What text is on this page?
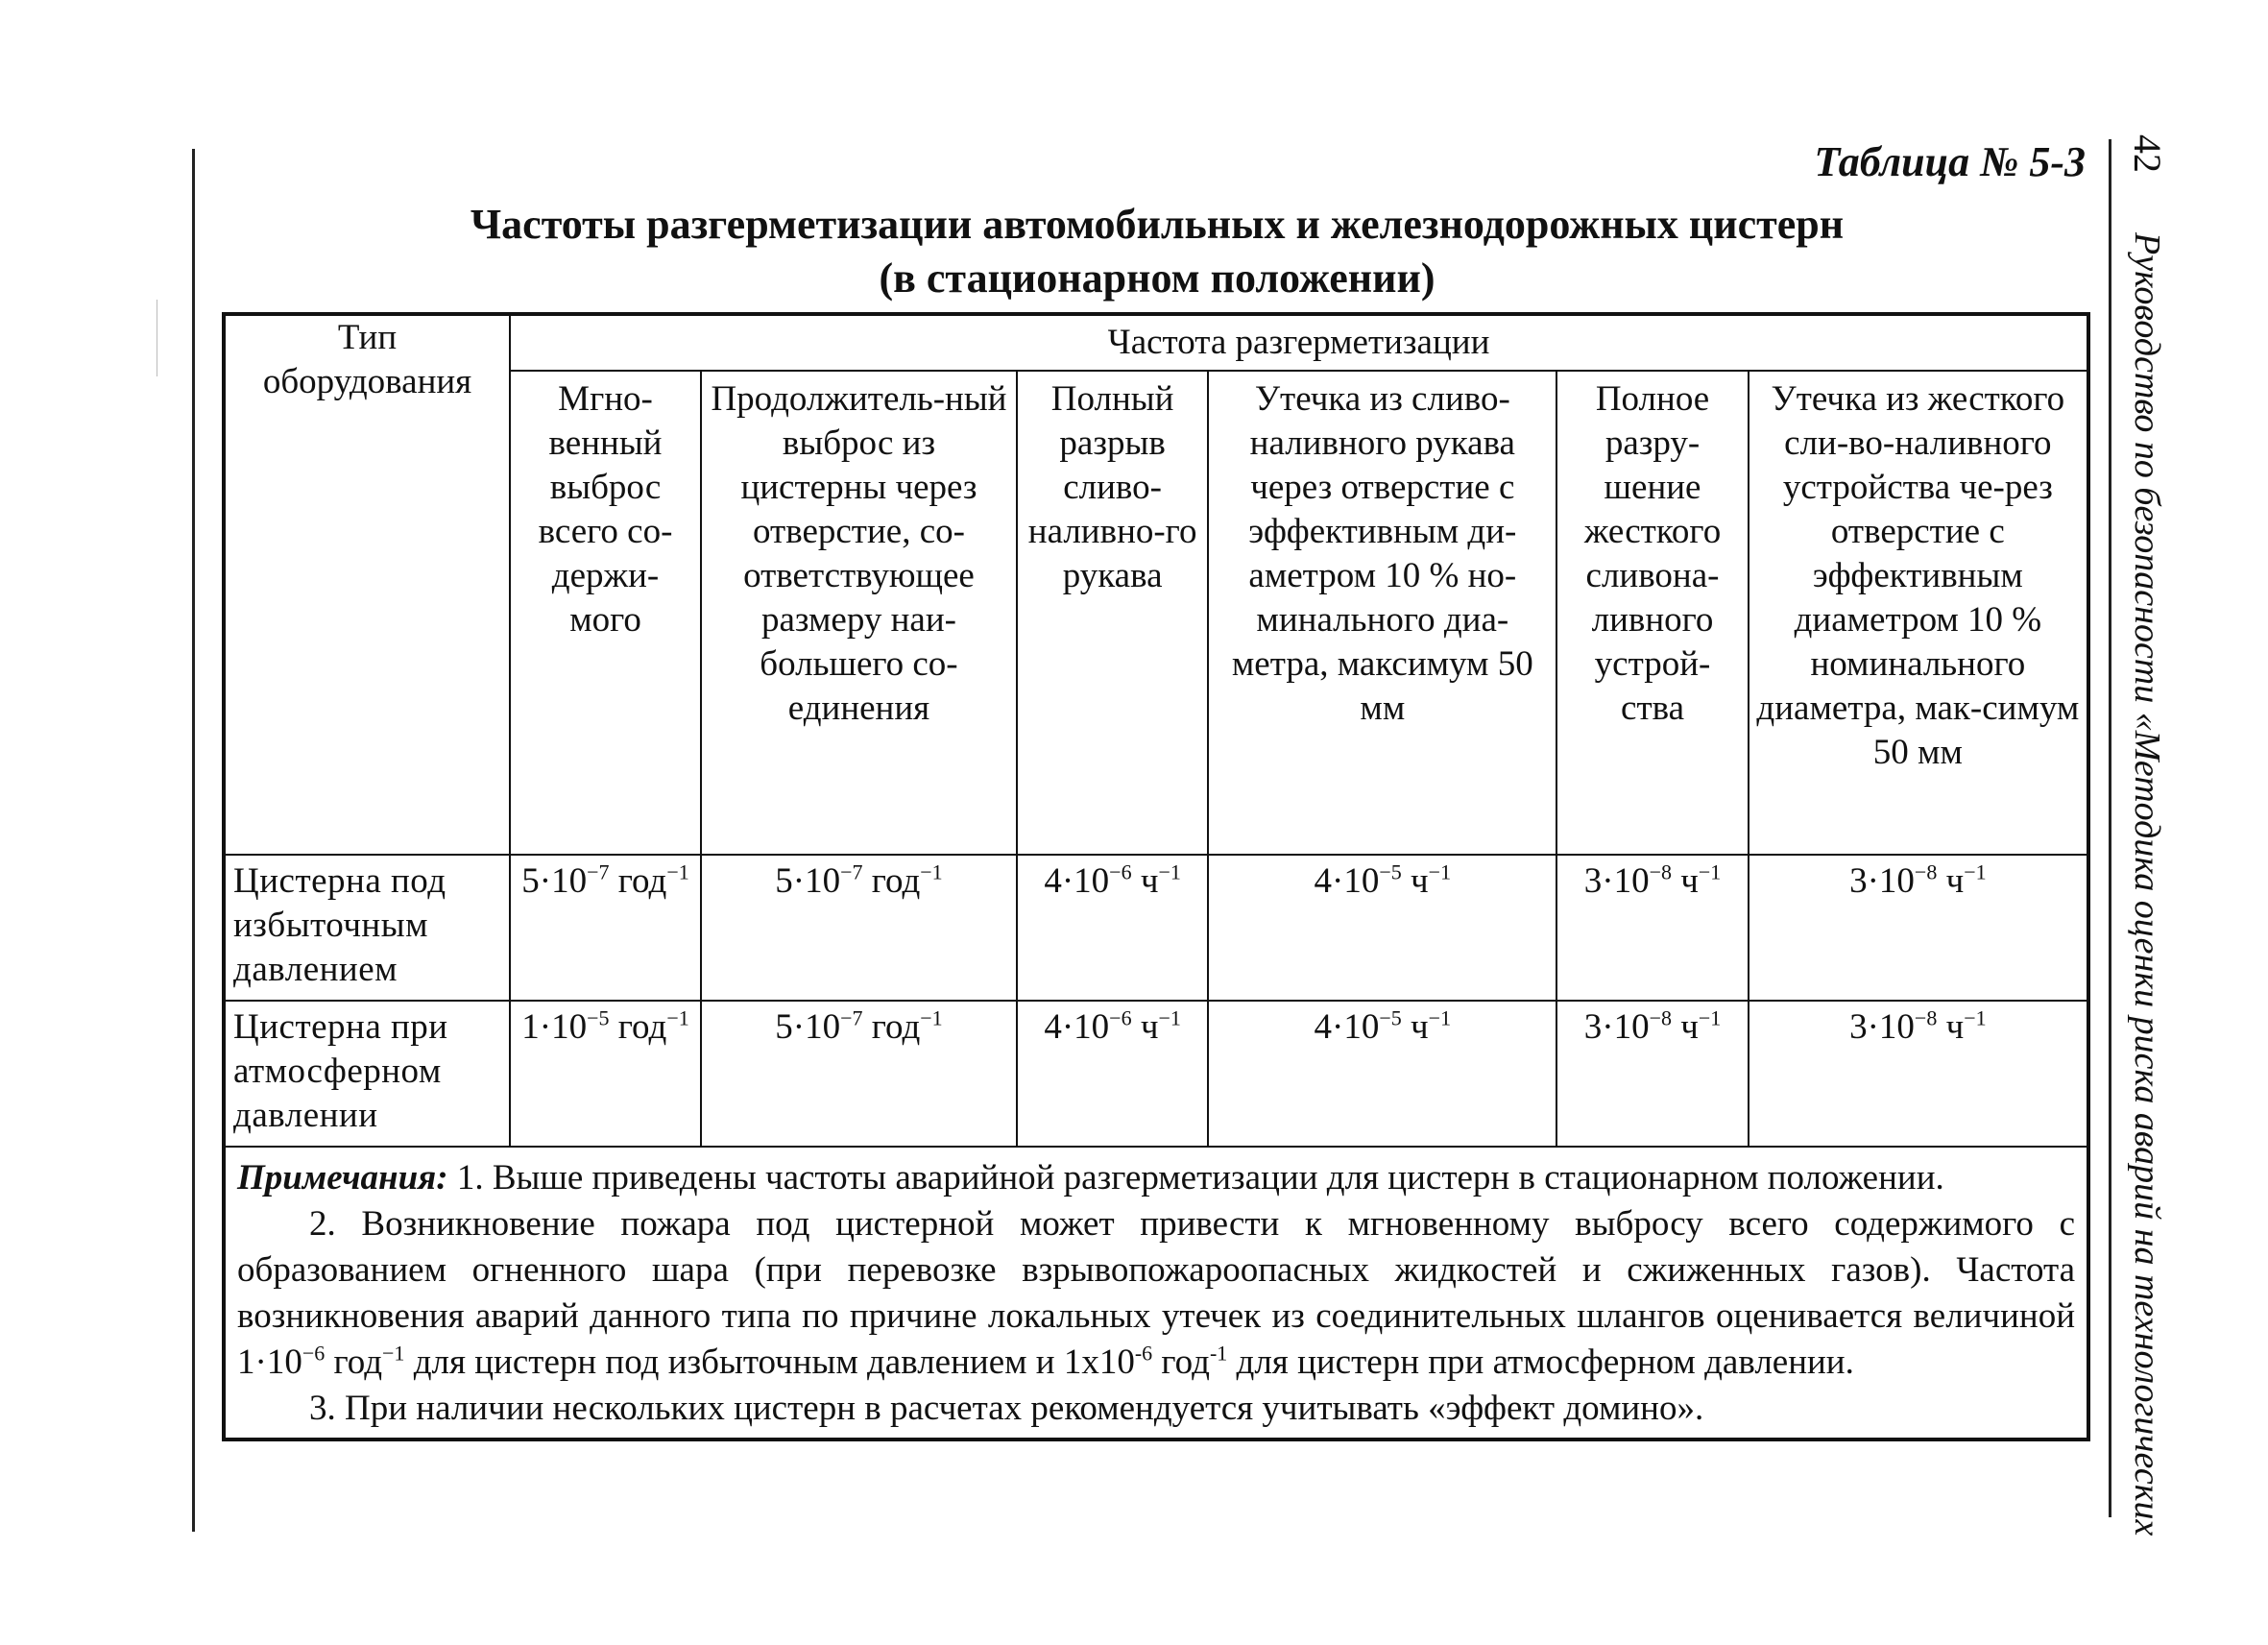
42Руководство по безопасности «Методика оценки риска аварий на технологических
Таблица № 5-3
Частоты разгерметизации автомобильных и железнодорожных цистерн
(в стационарном положении)
Тип оборудования	Частота разгерметизации					
	Мгно-венный выброс всего со-держи-мого	Продолжитель-ный выброс из цистерны через отверстие, со-ответствующее размеру наи-большего со-единения	Полный разрыв сливо-наливно-го рукава	Утечка из сливо-наливного рукава через отверстие с эффективным ди-аметром 10 % но-минального диа-метра, максимум 50 мм	Полное разру-шение жесткого сливона-ливного устрой-ства	Утечка из жесткого сли-во-наливного устройства че-рез отверстие с эффективным диаметром 10 % номинального диаметра, мак-симум 50 мм
Цистерна под избыточным давлением	$5\cdot 10^{-7}$ год$^{-1}$	$5\cdot 10^{-7}$ год$^{-1}$	$4\cdot 10^{-6}$ $ч^{-1}$	$4\cdot 10^{-5}$ $ч^{-1}$	$3\cdot 10^{-8}$ $ч^{-1}$	$3\cdot 10^{-8}$ $ч^{-1}$
Цистерна при атмосферном давлении	$1\cdot 10^{-5}$ год$^{-1}$	$5\cdot 10^{-7}$ год$^{-1}$	$4\cdot 10^{-6}$ $ч^{-1}$	$4\cdot 10^{-5}$ $ч^{-1}$	$3\cdot 10^{-8}$ $ч^{-1}$	$3\cdot 10^{-8}$ $ч^{-1}$

Примечания: 1. Выше приведены частоты аварийной разгерметизации для цистерн в стационарном положении.

2. Возникновение пожара под цистерной может привести к мгновенному выбросу всего содержимого с образованием огненного шара (при перевозке взрывопожароопасных жидкостей и сжиженных газов). Частота возникновения аварий данного типа по причине локальных утечек из соединительных шлангов оценивается величиной $1\cdot 10^{-6}$ год$^{-1}$ для цистерн под избыточным давлением и $1x10^{-6}$ год$^{-1}$ для цистерн при атмосферном давлении.

3. При наличии нескольких цистерн в расчетах рекомендуется учитывать «эффект домино».						
